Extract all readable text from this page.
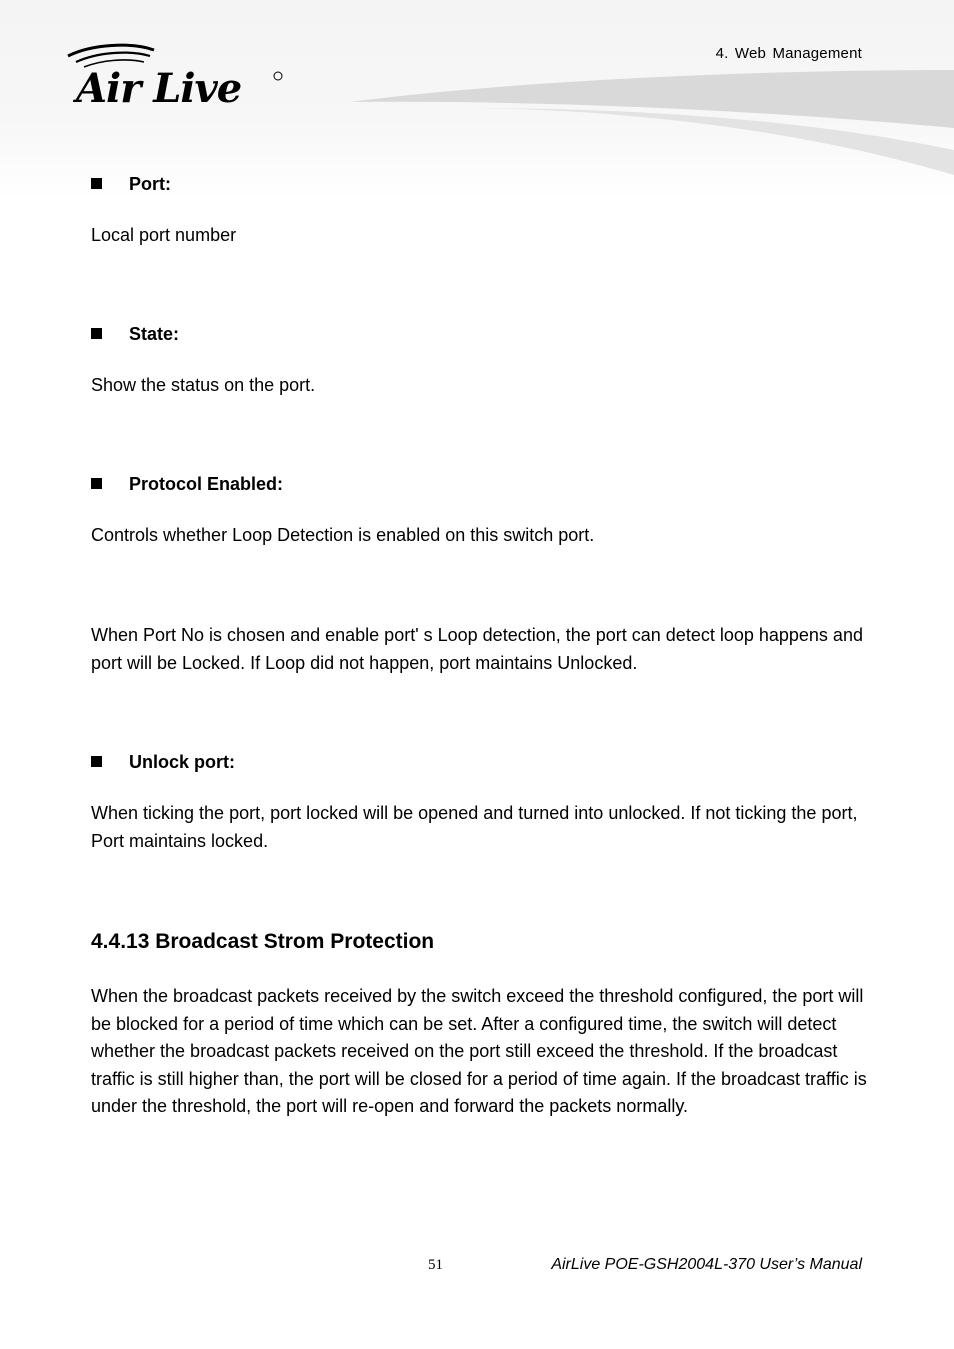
Air Live
4. Web Management
Port:
Local port number
State:
Show the status on the port.
Protocol Enabled:
Controls whether Loop Detection is enabled on this switch port.
When Port No is chosen and enable port' s Loop detection, the port can detect loop happens and port will be Locked. If Loop did not happen, port maintains Unlocked.
Unlock port:
When ticking the port, port locked will be opened and turned into unlocked. If not ticking the port, Port maintains locked.
4.4.13 Broadcast Strom Protection
When the broadcast packets received by the switch exceed the threshold configured, the port will be blocked for a period of time which can be set. After a configured time, the switch will detect whether the broadcast packets received on the port still exceed the threshold. If the broadcast traffic is still higher than, the port will be closed for a period of time again. If the broadcast traffic is under the threshold, the port will re-open and forward the packets normally.
51	AirLive POE-GSH2004L-370 User’s Manual
